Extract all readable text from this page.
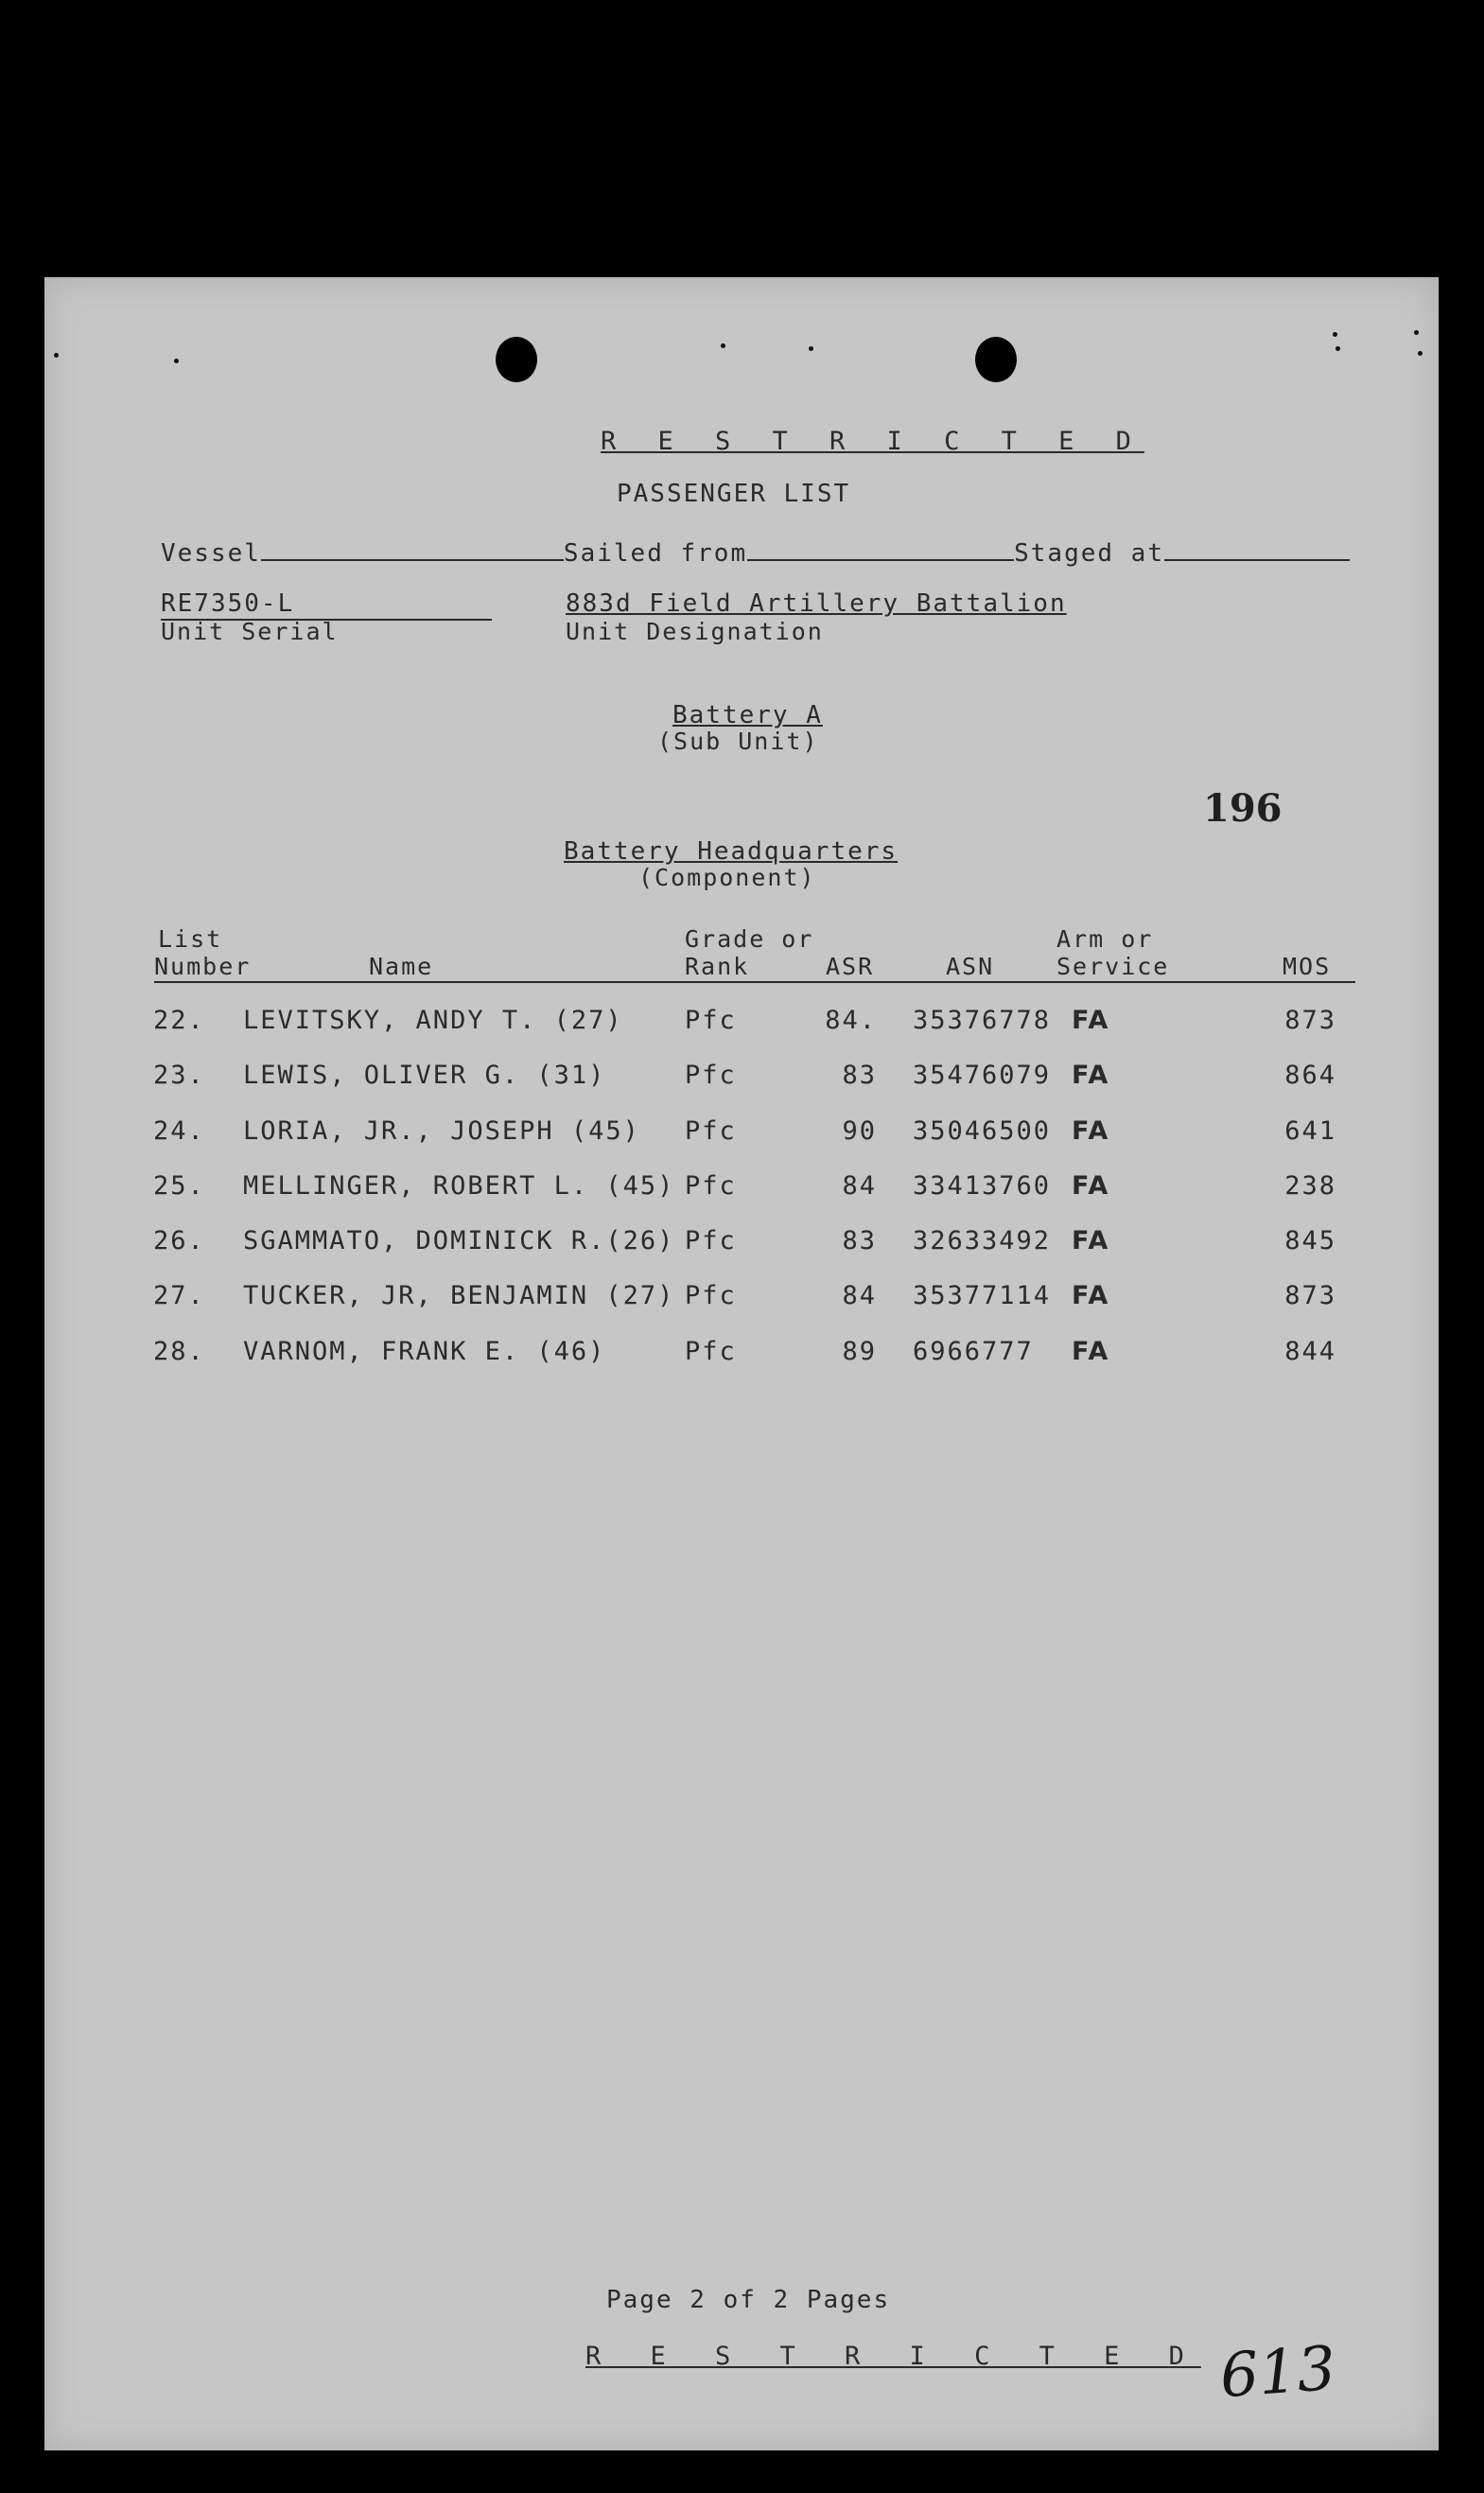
R E S T R I C T E D
PASSENGER LIST
Vessel	Sailed from	Staged at
RE7350-L
Unit Serial
883d Field Artillery Battalion
Unit Designation
Battery A
(Sub Unit)
196
Battery Headquarters
(Component)
List
Number	Name
Grade or
Rank	ASR	ASN
Arm or
Service	MOS
22. LEVITSKY, ANDY T. (27) Pfc	84. 35376778 FA	873
23. LEWIS, OLIVER G. (31)	Pfc	83 35476079 FA	864
24. LORIA, JR., JOSEPH (45) Pfc	90 35046500 FA	641
25. MELLINGER, ROBERT L. (45) Pfc	84 33413760 FA	238
26. SGAMMATO, DOMINICK R.(26) Pfc	83 32633492 FA	845
27. TUCKER, JR, BENJAMIN (27) Pfc	84 35377114 FA	873
28. VARNOM, FRANK E. (46)	Pfc	89 6966777 FA	844
Page 2 of 2 Pages
R E S T R I C T E D 613
